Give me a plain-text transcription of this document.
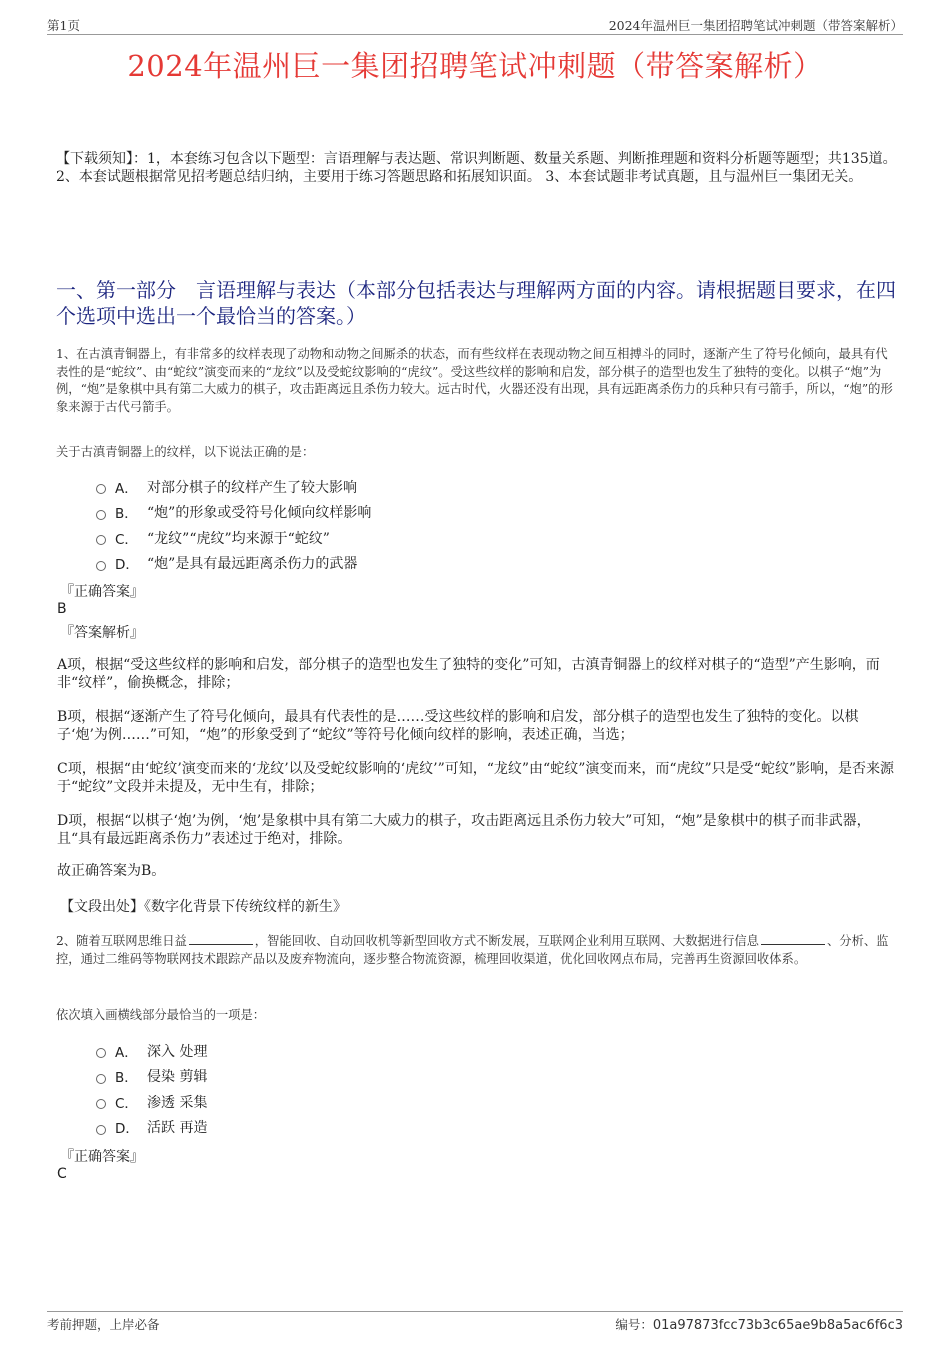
第1页	2024年温州巨一集团招聘笔试冲刺题（带答案解析）
2024年温州巨一集团招聘笔试冲刺题（带答案解析）
【下载须知】：1，本套练习包含以下题型：言语理解与表达题、常识判断题、数量关系题、判断推理题和资料分析题等题型；共135道。 2、本套试题根据常见招考题总结归纳，主要用于练习答题思路和拓展知识面。 3、本套试题非考试真题，且与温州巨一集团无关。
一、第一部分　言语理解与表达（本部分包括表达与理解两方面的内容。请根据题目要求，在四个选项中选出一个最恰当的答案。）
1、在古滇青铜器上，有非常多的纹样表现了动物和动物之间厮杀的状态，而有些纹样在表现动物之间互相搏斗的同时，逐渐产生了符号化倾向，最具有代表性的是“蛇纹”、由“蛇纹”演变而来的“龙纹”以及受蛇纹影响的“虎纹”。受这些纹样的影响和启发，部分棋子的造型也发生了独特的变化。以棋子“炮”为例，“炮”是象棋中具有第二大威力的棋子，攻击距离远且杀伤力较大。远古时代，火器还没有出现，具有远距离杀伤力的兵种只有弓箭手，所以，“炮”的形象来源于古代弓箭手。
关于古滇青铜器上的纹样，以下说法正确的是：
A． 对部分棋子的纹样产生了较大影响
B． “炮”的形象或受符号化倾向纹样影响
C． “龙纹”“虎纹”均来源于“蛇纹”
D． “炮”是具有最远距离杀伤力的武器
『正确答案』
B
『答案解析』
A项，根据“受这些纹样的影响和启发，部分棋子的造型也发生了独特的变化”可知，古滇青铜器上的纹样对棋子的“造型”产生影响，而非“纹样”，偷换概念，排除；
B项，根据“逐渐产生了符号化倾向，最具有代表性的是……受这些纹样的影响和启发，部分棋子的造型也发生了独特的变化。以棋子‘炮’为例……”可知，“炮”的形象受到了“蛇纹”等符号化倾向纹样的影响，表述正确，当选；
C项，根据“由‘蛇纹’演变而来的‘龙纹’以及受蛇纹影响的‘虎纹’”可知，“龙纹”由“蛇纹”演变而来，而“虎纹”只是受“蛇纹”影响，是否来源于“蛇纹”文段并未提及，无中生有，排除；
D项，根据“以棋子‘炮’为例，‘炮’是象棋中具有第二大威力的棋子，攻击距离远且杀伤力较大”可知，“炮”是象棋中的棋子而非武器，且“具有最远距离杀伤力”表述过于绝对，排除。
故正确答案为B。
【文段出处】《数字化背景下传统纹样的新生》
2、随着互联网思维日益	，智能回收、自动回收机等新型回收方式不断发展，互联网企业利用互联网、大数据进行信息	、分析、监控，通过二维码等物联网技术跟踪产品以及废弃物流向，逐步整合物流资源，梳理回收渠道，优化回收网点布局，完善再生资源回收体系。
依次填入画横线部分最恰当的一项是：
A． 深入 处理
B． 侵染 剪辑
C． 渗透 采集
D． 活跃 再造
『正确答案』
C
考前押题，上岸必备	编号：01a97873fcc73b3c65ae9b8a5ac6f6c3
